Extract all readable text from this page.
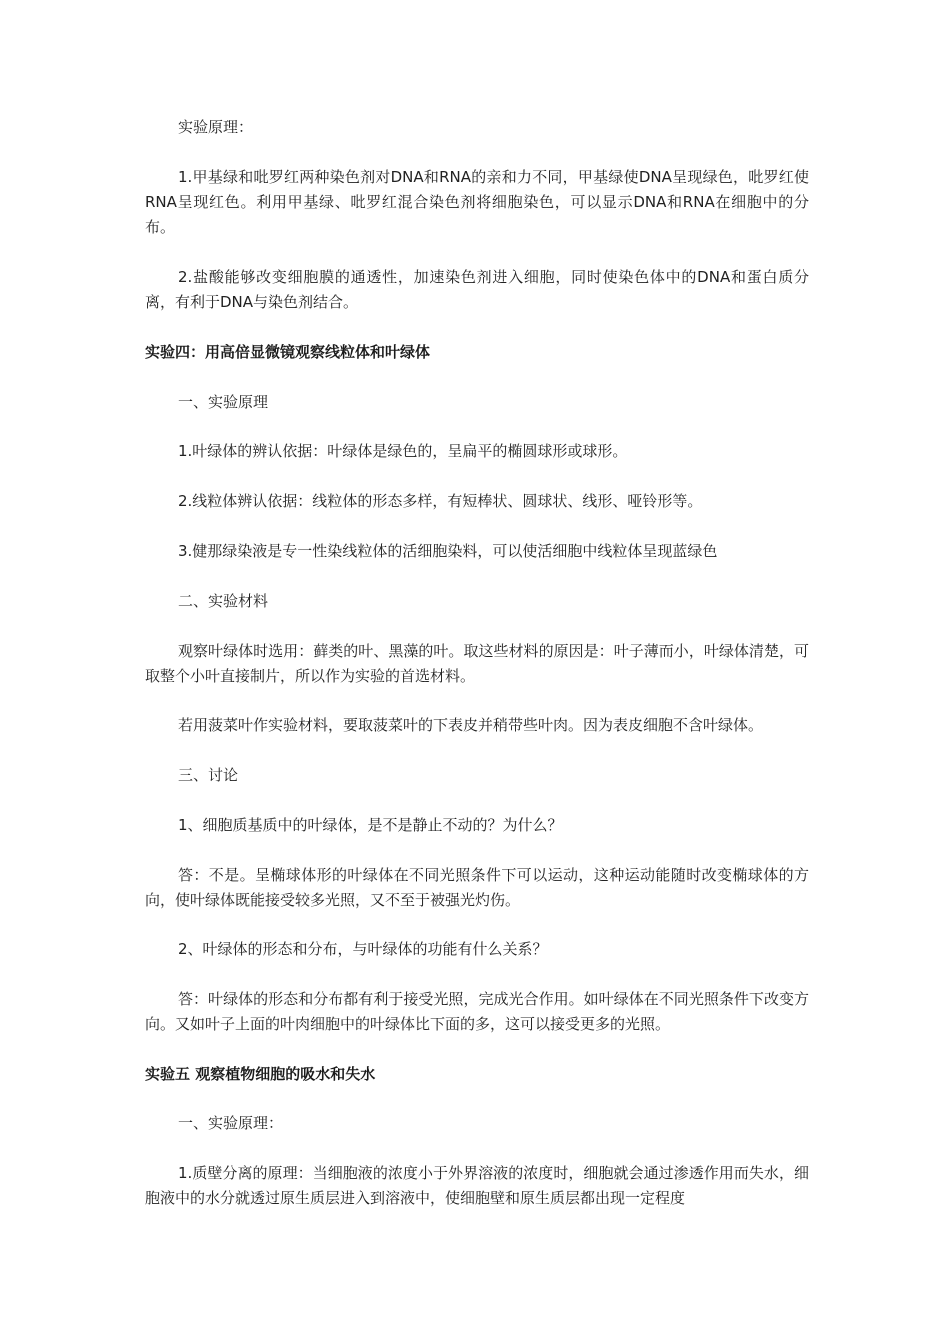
实验原理：

1.甲基绿和吡罗红两种染色剂对DNA和RNA的亲和力不同，甲基绿使DNA呈现绿色，吡罗红使RNA呈现红色。利用甲基绿、吡罗红混合染色剂将细胞染色，可以显示DNA和RNA在细胞中的分布。

2.盐酸能够改变细胞膜的通透性，加速染色剂进入细胞，同时使染色体中的DNA和蛋白质分离，有利于DNA与染色剂结合。

实验四：用高倍显微镜观察线粒体和叶绿体

一、实验原理

1.叶绿体的辨认依据：叶绿体是绿色的，呈扁平的椭圆球形或球形。

2.线粒体辨认依据：线粒体的形态多样，有短棒状、圆球状、线形、哑铃形等。

3.健那绿染液是专一性染线粒体的活细胞染料，可以使活细胞中线粒体呈现蓝绿色

二、实验材料

观察叶绿体时选用：藓类的叶、黑藻的叶。取这些材料的原因是：叶子薄而小，叶绿体清楚，可取整个小叶直接制片，所以作为实验的首选材料。

若用菠菜叶作实验材料，要取菠菜叶的下表皮并稍带些叶肉。因为表皮细胞不含叶绿体。

三、讨论

1、细胞质基质中的叶绿体，是不是静止不动的？为什么？

答：不是。呈椭球体形的叶绿体在不同光照条件下可以运动，这种运动能随时改变椭球体的方向，使叶绿体既能接受较多光照，又不至于被强光灼伤。

2、叶绿体的形态和分布，与叶绿体的功能有什么关系？

答：叶绿体的形态和分布都有利于接受光照，完成光合作用。如叶绿体在不同光照条件下改变方向。又如叶子上面的叶肉细胞中的叶绿体比下面的多，这可以接受更多的光照。

实验五 观察植物细胞的吸水和失水

一、实验原理：

1.质壁分离的原理：当细胞液的浓度小于外界溶液的浓度时，细胞就会通过渗透作用而失水，细胞液中的水分就透过原生质层进入到溶液中，使细胞壁和原生质层都出现一定程度
